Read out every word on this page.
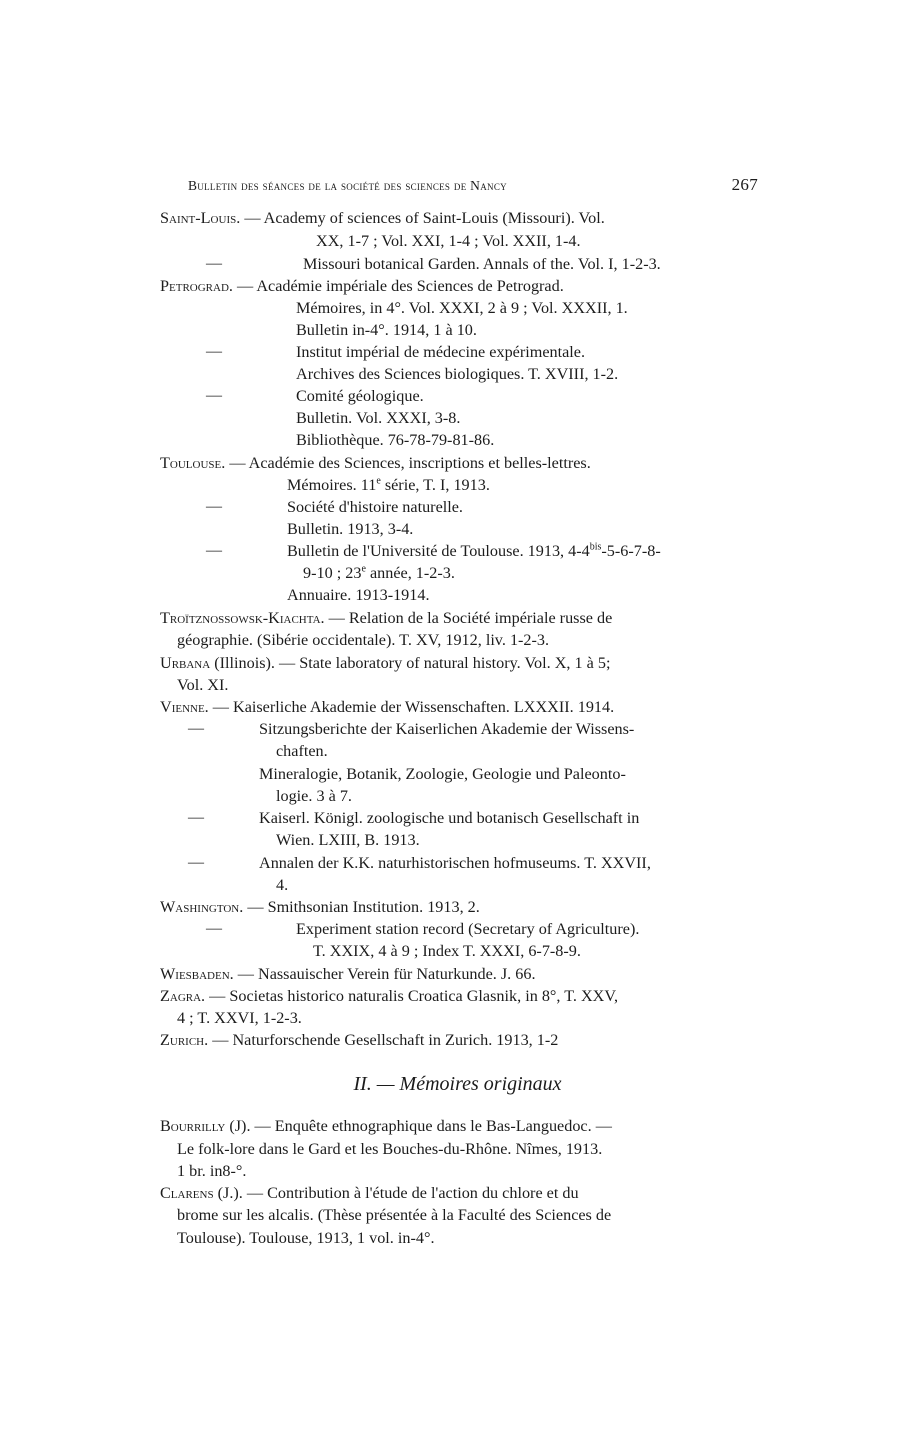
Bulletin des séances de la société des sciences de Nancy	267
Saint-Louis. — Academy of sciences of Saint-Louis (Missouri). Vol.
XX, 1-7 ; Vol. XXI, 1-4 ; Vol. XXII, 1-4.
—	Missouri botanical Garden. Annals of the. Vol. I, 1-2-3.
Petrograd. — Académie impériale des Sciences de Petrograd.
Mémoires, in 4°. Vol. XXXI, 2 à 9 ; Vol. XXXII, 1.
Bulletin in-4°. 1914, 1 à 10.
—	Institut impérial de médecine expérimentale.
Archives des Sciences biologiques. T. XVIII, 1-2.
—	Comité géologique.
Bulletin. Vol. XXXI, 3-8.
Bibliothèque. 76-78-79-81-86.
Toulouse. — Académie des Sciences, inscriptions et belles-lettres.
Mémoires. 11e série, T. I, 1913.
—	Société d'histoire naturelle.
Bulletin. 1913, 3-4.
—	Bulletin de l'Université de Toulouse. 1913, $4-4^{bis}-5-6-7-8-$
9-10 ; 23e année, 1-2-3.
Annuaire. 1913-1914.
Troïtznossowsk-Kiachta. — Relation de la Société impériale russe de
géographie. (Sibérie occidentale). T. XV, 1912, liv. 1-2-3.
Urbana (Illinois). — State laboratory of natural history. Vol. X, 1 à 5;
Vol. XI.
Vienne. — Kaiserliche Akademie der Wissenschaften. LXXXII. 1914.
—	Sitzungsberichte der Kaiserlichen Akademie der Wissens-
chaften.
Mineralogie, Botanik, Zoologie, Geologie und Paleonto-
logie. 3 à 7.
—	Kaiserl. Königl. zoologische und botanisch Gesellschaft in
Wien. LXIII, B. 1913.
—	Annalen der K.K. naturhistorischen hofmuseums. T. XXVII,
4.
Washington. — Smithsonian Institution. 1913, 2.
—	Experiment station record (Secretary of Agriculture).
T. XXIX, 4 à 9 ; Index T. XXXI, 6-7-8-9.
Wiesbaden. — Nassauischer Verein für Naturkunde. J. 66.
Zagra. — Societas historico naturalis Croatica Glasnik, in 8°, T. XXV,
4 ; T. XXVI, 1-2-3.
Zurich. — Naturforschende Gesellschaft in Zurich. 1913, 1-2
II. — Mémoires originaux
Bourrilly (J). — Enquête ethnographique dans le Bas-Languedoc. —
Le folk-lore dans le Gard et les Bouches-du-Rhône. Nîmes, 1913.
1 br. in8-°.
Clarens (J.). — Contribution à l'étude de l'action du chlore et du
brome sur les alcalis. (Thèse présentée à la Faculté des Sciences de
Toulouse). Toulouse, 1913, 1 vol. in-4°.
